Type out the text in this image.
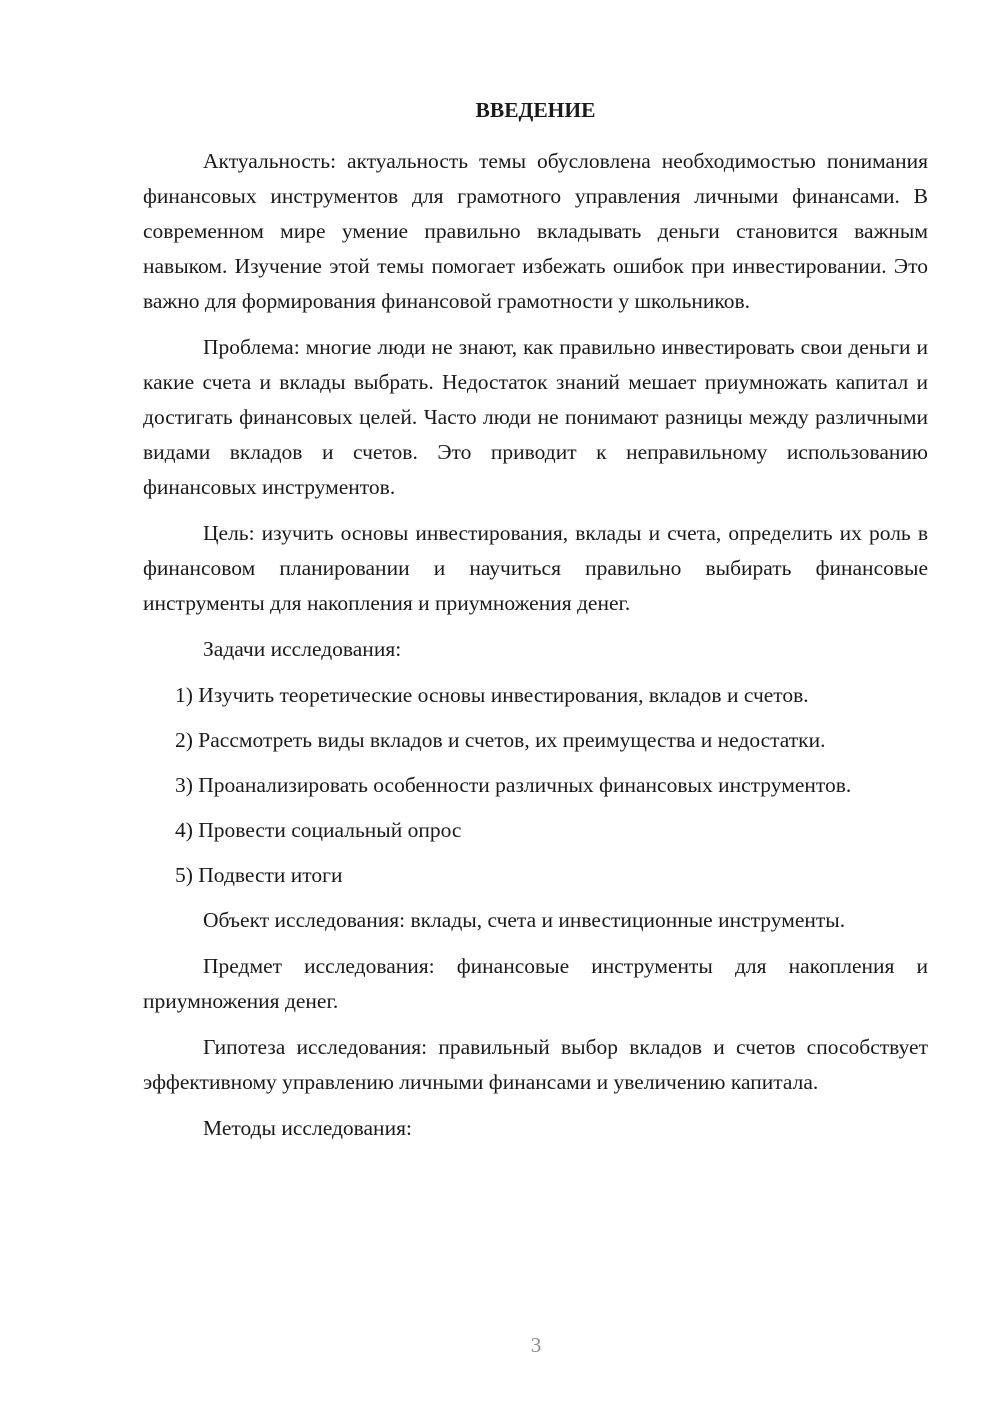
ВВЕДЕНИЕ

Актуальность: актуальность темы обусловлена необходимостью понимания финансовых инструментов для грамотного управления личными финансами. В современном мире умение правильно вкладывать деньги становится важным навыком. Изучение этой темы помогает избежать ошибок при инвестировании. Это важно для формирования финансовой грамотности у школьников.

Проблема: многие люди не знают, как правильно инвестировать свои деньги и какие счета и вклады выбрать. Недостаток знаний мешает приумножать капитал и достигать финансовых целей. Часто люди не понимают разницы между различными видами вкладов и счетов. Это приводит к неправильному использованию финансовых инструментов.

Цель: изучить основы инвестирования, вклады и счета, определить их роль в финансовом планировании и научиться правильно выбирать финансовые инструменты для накопления и приумножения денег.

Задачи исследования:

1) Изучить теоретические основы инвестирования, вкладов и счетов.

2) Рассмотреть виды вкладов и счетов, их преимущества и недостатки.

3) Проанализировать особенности различных финансовых инструментов.

4) Провести социальный опрос

5) Подвести итоги

Объект исследования: вклады, счета и инвестиционные инструменты.

Предмет исследования: финансовые инструменты для накопления и приумножения денег.

Гипотеза исследования: правильный выбор вкладов и счетов способствует эффективному управлению личными финансами и увеличению капитала.

Методы исследования:

3
